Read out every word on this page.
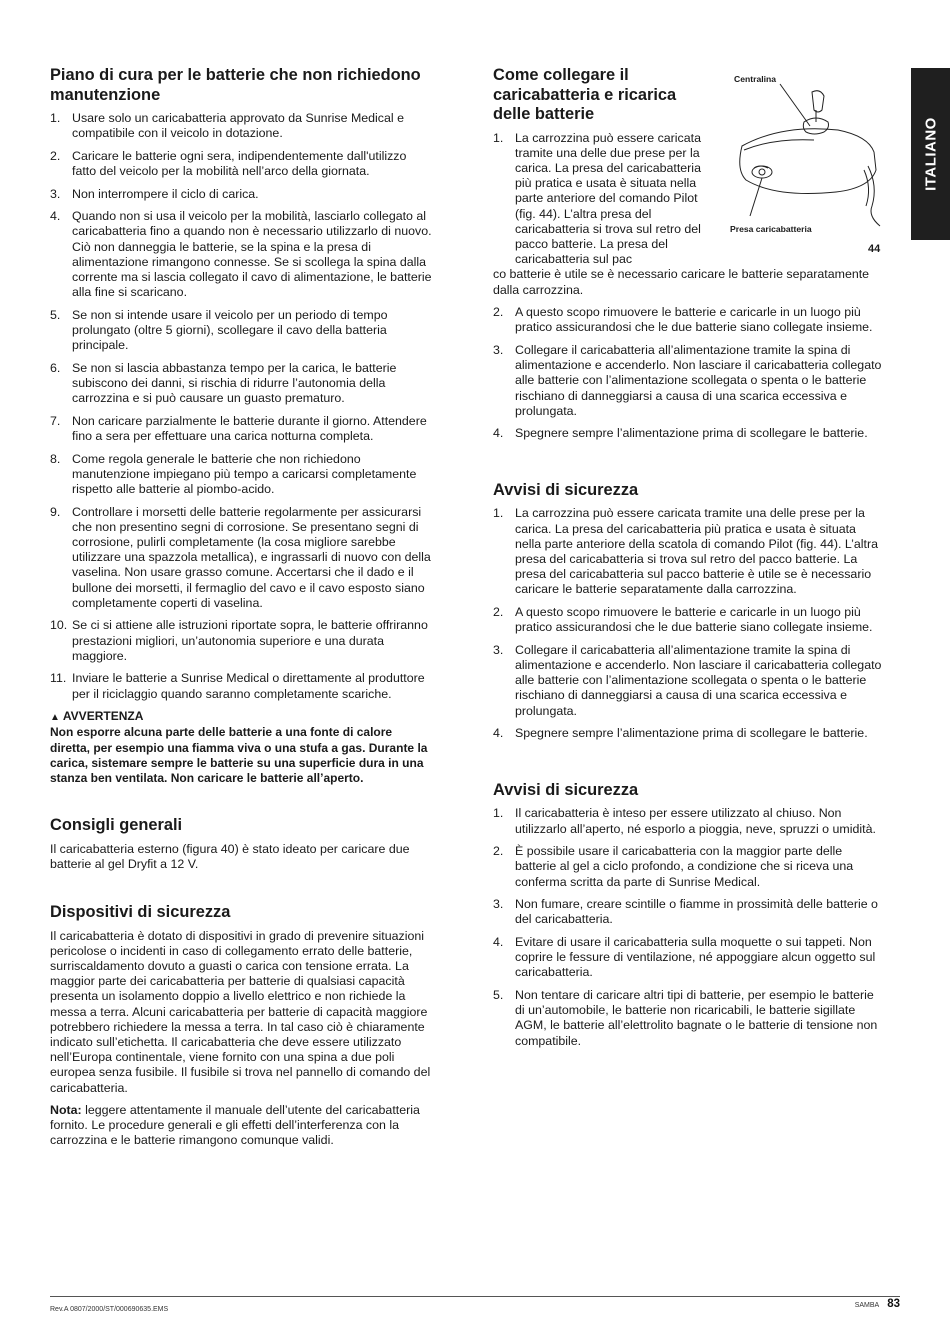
ITALIANO
Piano di cura per le batterie che non richiedono manutenzione
1. Usare solo un caricabatteria approvato da Sunrise Medical e compatibile con il veicolo in dotazione.
2. Caricare le batterie ogni sera, indipendentemente dall'utilizzo fatto del veicolo per la mobilità nell’arco della giornata.
3. Non interrompere il ciclo di carica.
4. Quando non si usa il veicolo per la mobilità, lasciarlo collegato al caricabatteria fino a quando non è necessario utilizzarlo di nuovo. Ciò non danneggia le batterie, se la spina e la presa di alimentazione rimangono connesse. Se si scollega la spina dalla corrente ma si lascia collegato il cavo di alimentazione, le batterie alla fine si scaricano.
5. Se non si intende usare il veicolo per un periodo di tempo prolungato (oltre 5 giorni), scollegare il cavo della batteria principale.
6. Se non si lascia abbastanza tempo per la carica, le batterie subiscono dei danni, si rischia di ridurre l’autonomia della carrozzina e si può causare un guasto prematuro.
7. Non caricare parzialmente le batterie durante il giorno. Attendere fino a sera per effettuare una carica notturna completa.
8. Come regola generale le batterie che non richiedono manutenzione impiegano più tempo a caricarsi completamente rispetto alle batterie al piombo-acido.
9. Controllare i morsetti delle batterie regolarmente per assicurarsi che non presentino segni di corrosione. Se presentano segni di corrosione, pulirli completamente (la cosa migliore sarebbe utilizzare una spazzola metallica), e ingrassarli di nuovo con della vaselina. Non usare grasso comune. Accertarsi che il dado e il bullone dei morsetti, il fermaglio del cavo e il cavo esposto siano completamente coperti di vaselina.
10. Se ci si attiene alle istruzioni riportate sopra, le batterie offriranno prestazioni migliori, un’autonomia superiore e una durata maggiore.
11. Inviare le batterie a Sunrise Medical o direttamente al produttore per il riciclaggio quando saranno completamente scariche.
▲ AVVERTENZA
Non esporre alcuna parte delle batterie a una fonte di calore diretta, per esempio una fiamma viva o una stufa a gas. Durante la carica, sistemare sempre le batterie su una superficie dura in una stanza ben ventilata. Non caricare le batterie all’aperto.
Consigli generali

Il caricabatteria esterno (figura 40) è stato ideato per caricare due batterie al gel Dryfit a 12 V.

Dispositivi di sicurezza

Il caricabatteria è dotato di dispositivi in grado di prevenire situazioni pericolose o incidenti in caso di collegamento errato delle batterie, surriscaldamento dovuto a guasti o carica con tensione errata. La maggior parte dei caricabatteria per batterie di qualsiasi capacità presenta un isolamento doppio a livello elettrico e non richiede la messa a terra. Alcuni caricabatteria per batterie di capacità maggiore potrebbero richiedere la messa a terra. In tal caso ciò è chiaramente indicato sull’etichetta. Il caricabatteria che deve essere utilizzato nell’Europa continentale, viene fornito con una spina a due poli europea senza fusibile. Il fusibile si trova nel pannello di comando del caricabatteria.

Nota: leggere attentamente il manuale dell’utente del caricabatteria fornito. Le procedure generali e gli effetti dell’interferenza con la carrozzina e le batterie rimangono comunque validi.

Come collegare il caricabatteria e ricarica delle batterie
1. La carrozzina può essere caricata tramite una delle due prese per la carica. La presa del caricabatteria più pratica e usata è situata nella parte anteriore del comando Pilot (fig. 44). L’altra presa del caricabatteria si trova sul retro del pacco batterie. La presa del caricabatteria sul pac
co batterie è utile se è necessario caricare le batterie separatamente dalla carrozzina.
2. A questo scopo rimuovere le batterie e caricarle in un luogo più pratico assicurandosi che le due batterie siano collegate insieme.
3. Collegare il caricabatteria all’alimentazione tramite la spina di alimentazione e accenderlo. Non lasciare il caricabatteria collegato alle batterie con l’alimentazione scollegata o spenta o le batterie rischiano di danneggiarsi a causa di una scarica eccessiva e prolungata.
4. Spegnere sempre l’alimentazione prima di scollegare le batterie.
Avvisi di sicurezza
1. La carrozzina può essere caricata tramite una delle prese per la carica. La presa del caricabatteria più pratica e usata è situata nella parte anteriore della scatola di comando Pilot (fig. 44). L’altra presa del caricabatteria si trova sul retro del pacco batterie. La presa del caricabatteria sul pacco batterie è utile se è necessario caricare le batterie separatamente dalla carrozzina.
2. A questo scopo rimuovere le batterie e caricarle in un luogo più pratico assicurandosi che le due batterie siano collegate insieme.
3. Collegare il caricabatteria all’alimentazione tramite la spina di alimentazione e accenderlo. Non lasciare il caricabatteria collegato alle batterie con l’alimentazione scollegata o spenta o le batterie rischiano di danneggiarsi a causa di una scarica eccessiva e prolungata.
4. Spegnere sempre l’alimentazione prima di scollegare le batterie.
Avvisi di sicurezza
1. Il caricabatteria è inteso per essere utilizzato al chiuso. Non utilizzarlo all’aperto, né esporlo a pioggia, neve, spruzzi o umidità.
2. È possibile usare il caricabatteria con la maggior parte delle batterie al gel a ciclo profondo, a condizione che si riceva una conferma scritta da parte di Sunrise Medical.
3. Non fumare, creare scintille o fiamme in prossimità delle batterie o del caricabatteria.
4. Evitare di usare il caricabatteria sulla moquette o sui tappeti. Non coprire le fessure di ventilazione, né appoggiare alcun oggetto sul caricabatteria.
5. Non tentare di caricare altri tipi di batterie, per esempio le batterie di un’automobile, le batterie non ricaricabili, le batterie sigillate AGM, le batterie all’elettrolito bagnate o le batterie di tensione non compatibile.
Centralina
Presa caricabatteria
44
Rev.A 0807/2000/ST/000690635.EMS
SAMBA 83
